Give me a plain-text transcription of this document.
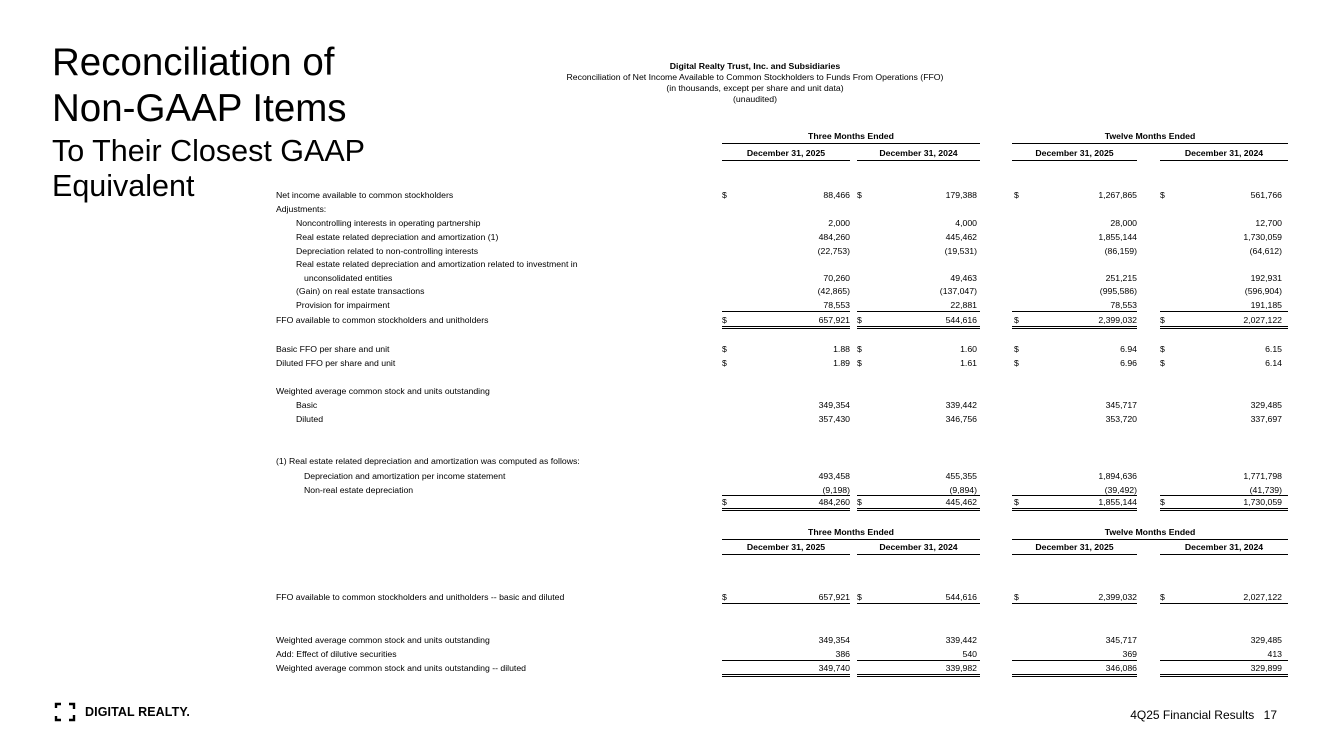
Reconciliation of
Non-GAAP Items
To Their Closest GAAP
Equivalent
Digital Realty Trust, Inc. and Subsidiaries
Reconciliation of Net Income Available to Common Stockholders to Funds From Operations (FFO)
(in thousands, except per share and unit data)
(unaudited)
Three Months Ended	Twelve Months Ended
December 31, 2025	December 31, 2024	December 31, 2025	December 31, 2024
Net income available to common stockholders	$	88,466 $	179,388	$	1,267,865	$	561,766
Adjustments:
Noncontrolling interests in operating partnership	2,000	4,000	28,000	12,700
Real estate related depreciation and amortization (1)	484,260	445,462	1,855,144	1,730,059
Depreciation related to non-controlling interests	(22,753)	(19,531)	(86,159)	(64,612)
Real estate related depreciation and amortization related to investment in
unconsolidated entities	70,260	49,463	251,215	192,931
(Gain) on real estate transactions	(42,865)	(137,047)	(995,586)	(596,904)
Provision for impairment	78,553	22,881	78,553	191,185
FFO available to common stockholders and unitholders	$	657,921 $	544,616	$	2,399,032	$	2,027,122
Basic FFO per share and unit	$	1.88 $	1.60	$	6.94	$	6.15
Diluted FFO per share and unit	$	1.89 $	1.61	$	6.96	$	6.14
Weighted average common stock and units outstanding
Basic	349,354	339,442	345,717	329,485
Diluted	357,430	346,756	353,720	337,697
(1) Real estate related depreciation and amortization was computed as follows:
Depreciation and amortization per income statement	493,458	455,355	1,894,636	1,771,798
Non-real estate depreciation	(9,198)	(9,894)	(39,492)	(41,739)
$	484,260 $	445,462	$	1,855,144	$	1,730,059
Three Months Ended	Twelve Months Ended
December 31, 2025	December 31, 2024	December 31, 2025	December 31, 2024
FFO available to common stockholders and unitholders -- basic and diluted	$	657,921 $	544,616	$	2,399,032	$	2,027,122
Weighted average common stock and units outstanding	349,354	339,442	345,717	329,485
Add: Effect of dilutive securities	386	540	369	413
Weighted average common stock and units outstanding -- diluted	349,740	339,982	346,086	329,899
DIGITAL REALTY.	4Q25 Financial Results 17
